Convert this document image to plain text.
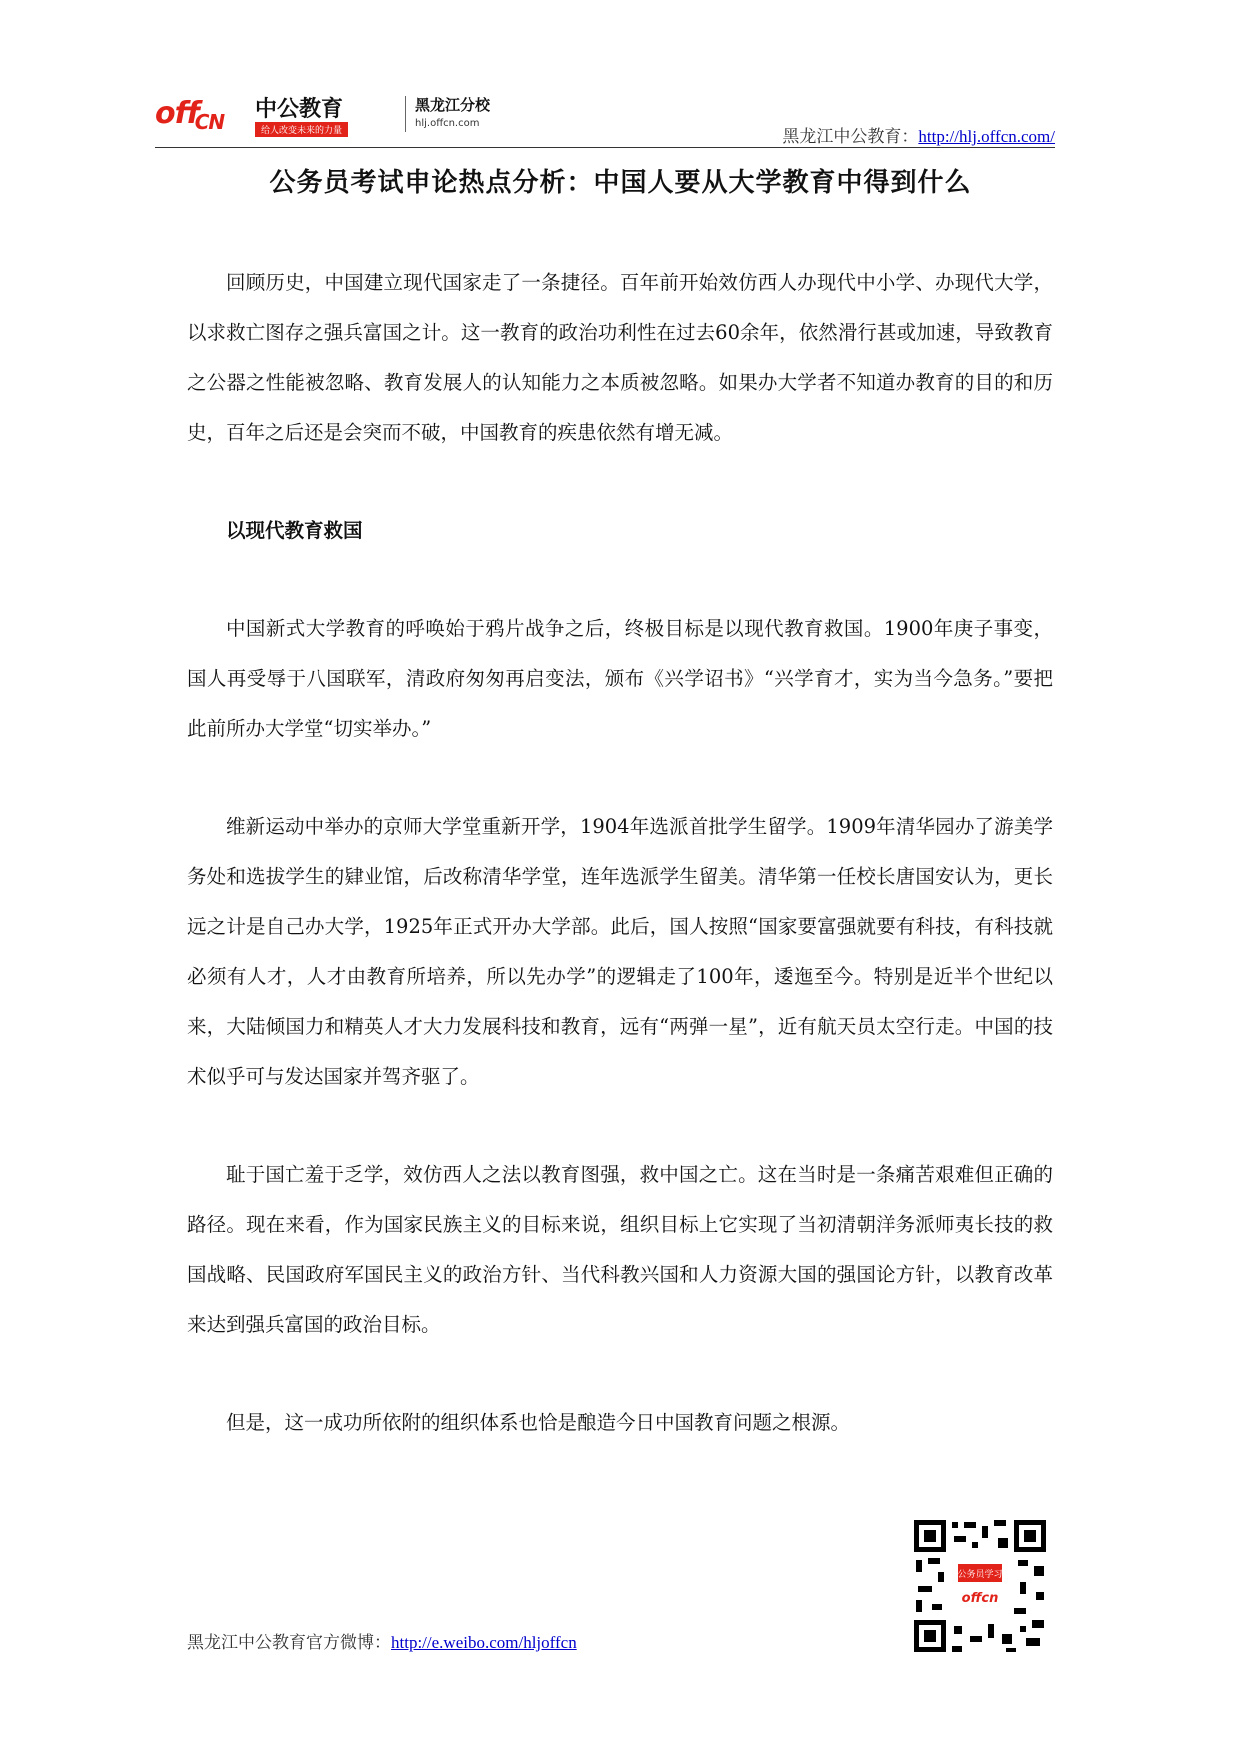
off$_{CN}$ 中公教育
给人改变未来的力量
黑龙江分校
hlj.offcn.com
黑龙江中公教育：http://hlj.offcn.com/
公务员考试申论热点分析：中国人要从大学教育中得到什么

回顾历史，中国建立现代国家走了一条捷径。百年前开始效仿西人办现代中小学、办现代大学，以求救亡图存之强兵富国之计。这一教育的政治功利性在过去60余年，依然滑行甚或加速，导致教育之公器之性能被忽略、教育发展人的认知能力之本质被忽略。如果办大学者不知道办教育的目的和历史，百年之后还是会突而不破，中国教育的疾患依然有增无减。

以现代教育救国

中国新式大学教育的呼唤始于鸦片战争之后，终极目标是以现代教育救国。1900年庚子事变，国人再受辱于八国联军，清政府匆匆再启变法，颁布《兴学诏书》“兴学育才，实为当今急务。”要把此前所办大学堂“切实举办。”

维新运动中举办的京师大学堂重新开学，1904年选派首批学生留学。1909年清华园办了游美学务处和选拔学生的肄业馆，后改称清华学堂，连年选派学生留美。清华第一任校长唐国安认为，更长远之计是自己办大学，1925年正式开办大学部。此后，国人按照“国家要富强就要有科技，有科技就必须有人才，人才由教育所培养，所以先办学”的逻辑走了100年，逶迤至今。特别是近半个世纪以来，大陆倾国力和精英人才大力发展科技和教育，远有“两弹一星”，近有航天员太空行走。中国的技术似乎可与发达国家并驾齐驱了。

耻于国亡羞于乏学，效仿西人之法以教育图强，救中国之亡。这在当时是一条痛苦艰难但正确的路径。现在来看，作为国家民族主义的目标来说，组织目标上它实现了当初清朝洋务派师夷长技的救国战略、民国政府军国民主义的政治方针、当代科教兴国和人力资源大国的强国论方针，以教育改革来达到强兵富国的政治目标。

但是，这一成功所依附的组织体系也恰是酿造今日中国教育问题之根源。

公务员学习
offcn
黑龙江中公教育官方微博：http://e.weibo.com/hljoffcn
